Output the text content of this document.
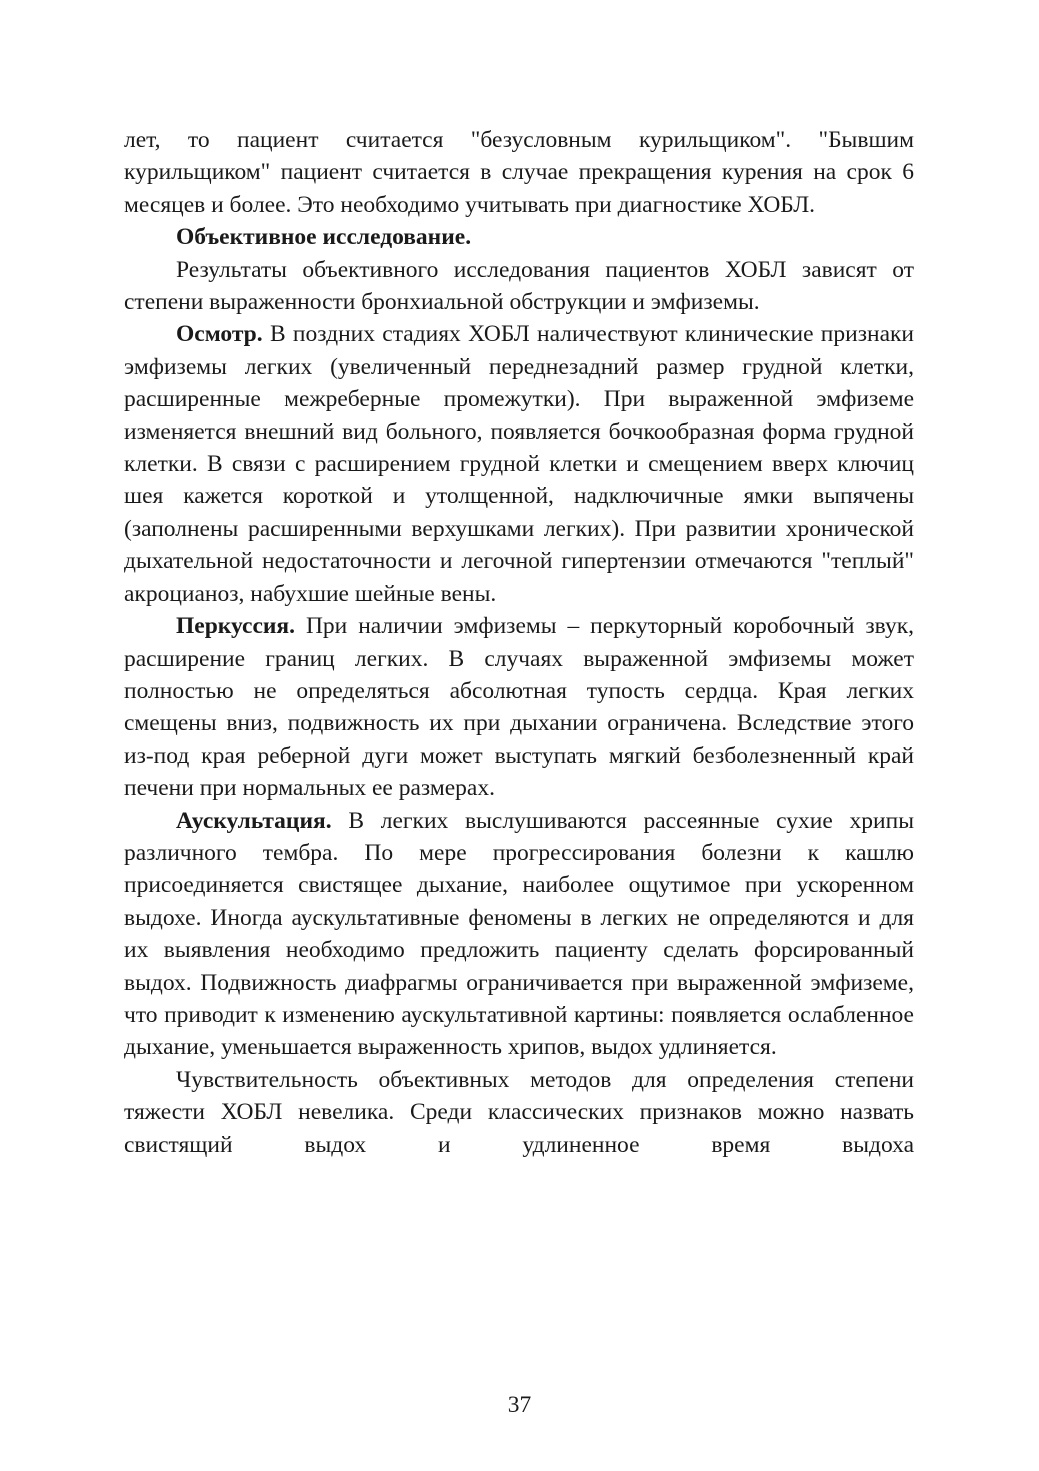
лет, то пациент считается "безусловным курильщиком". "Бывшим курильщиком" пациент считается в случае прекращения курения на срок 6 месяцев и более. Это необходимо учитывать при диагностике ХОБЛ.

Объективное исследование.

Результаты объективного исследования пациентов ХОБЛ зависят от степени выраженности бронхиальной обструкции и эмфиземы.

Осмотр. В поздних стадиях ХОБЛ наличествуют клинические признаки эмфиземы легких (увеличенный переднезадний размер грудной клетки, расширенные межреберные промежутки). При выраженной эмфиземе изменяется внешний вид больного, появляется бочкообразная форма грудной клетки. В связи с расширением грудной клетки и смещением вверх ключиц шея кажется короткой и утолщенной, надключичные ямки выпячены (заполнены расширенными верхушками легких). При развитии хронической дыхательной недостаточности и легочной гипертензии отмечаются "теплый" акроцианоз, набухшие шейные вены.

Перкуссия. При наличии эмфиземы – перкуторный коробочный звук, расширение границ легких. В случаях выраженной эмфиземы может полностью не определяться абсолютная тупость сердца. Края легких смещены вниз, подвижность их при дыхании ограничена. Вследствие этого из-под края реберной дуги может выступать мягкий безболезненный край печени при нормальных ее размерах.

Аускультация. В легких выслушиваются рассеянные сухие хрипы различного тембра. По мере прогрессирования болезни к кашлю присоединяется свистящее дыхание, наиболее ощутимое при ускоренном выдохе. Иногда аускультативные феномены в легких не определяются и для их выявления необходимо предложить пациенту сделать форсированный выдох. Подвижность диафрагмы ограничивается при выраженной эмфиземе, что приводит к изменению аускультативной картины: появляется ослабленное дыхание, уменьшается выраженность хрипов, выдох удлиняется.

Чувствительность объективных методов для определения степени тяжести ХОБЛ невелика. Среди классических признаков можно назвать свистящий выдох и удлиненное время выдоха

37
